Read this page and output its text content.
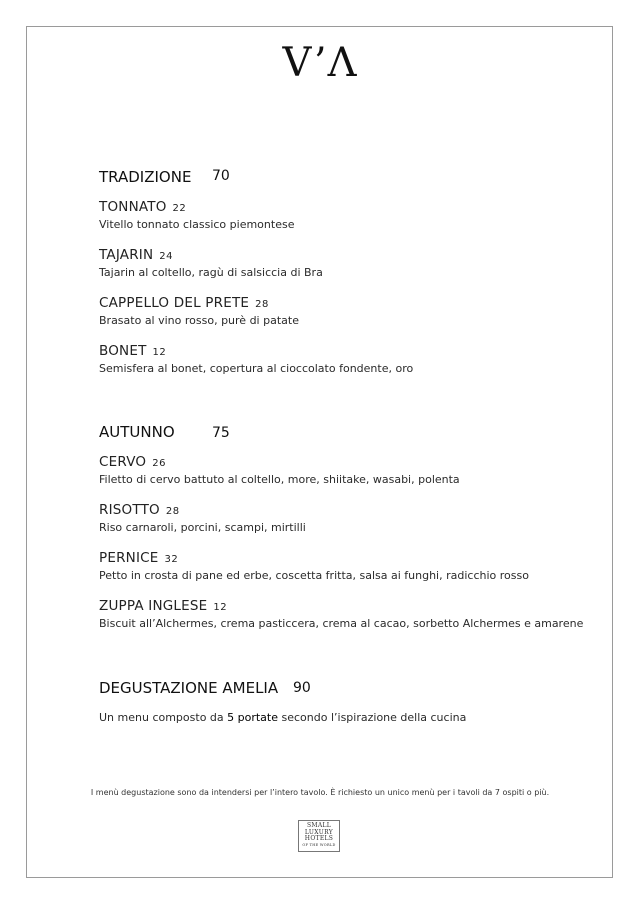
V’Λ
TRADIZIONE 70
TONNATO 22
Vitello tonnato classico piemontese
TAJARIN 24
Tajarin al coltello, ragù di salsiccia di Bra
CAPPELLO DEL PRETE 28
Brasato al vino rosso, purè di patate
BONET 12
Semisfera al bonet, copertura al cioccolato fondente, oro
AUTUNNO	75
CERVO 26
Filetto di cervo battuto al coltello, more, shiitake, wasabi, polenta
RISOTTO 28
Riso carnaroli, porcini, scampi, mirtilli
PERNICE 32
Petto in crosta di pane ed erbe, coscetta fritta, salsa ai funghi, radicchio rosso
ZUPPA INGLESE 12
Biscuit all’Alchermes, crema pasticcera, crema al cacao, sorbetto Alchermes e amarene
DEGUSTAZIONE AMELIA 90
Un menu composto da 5 portate secondo l’ispirazione della cucina
I menù degustazione sono da intendersi per l’intero tavolo. È richiesto un unico menù per i tavoli da 7 ospiti o più.
SMALL
LUXURY
HOTELS
OF THE WORLD
